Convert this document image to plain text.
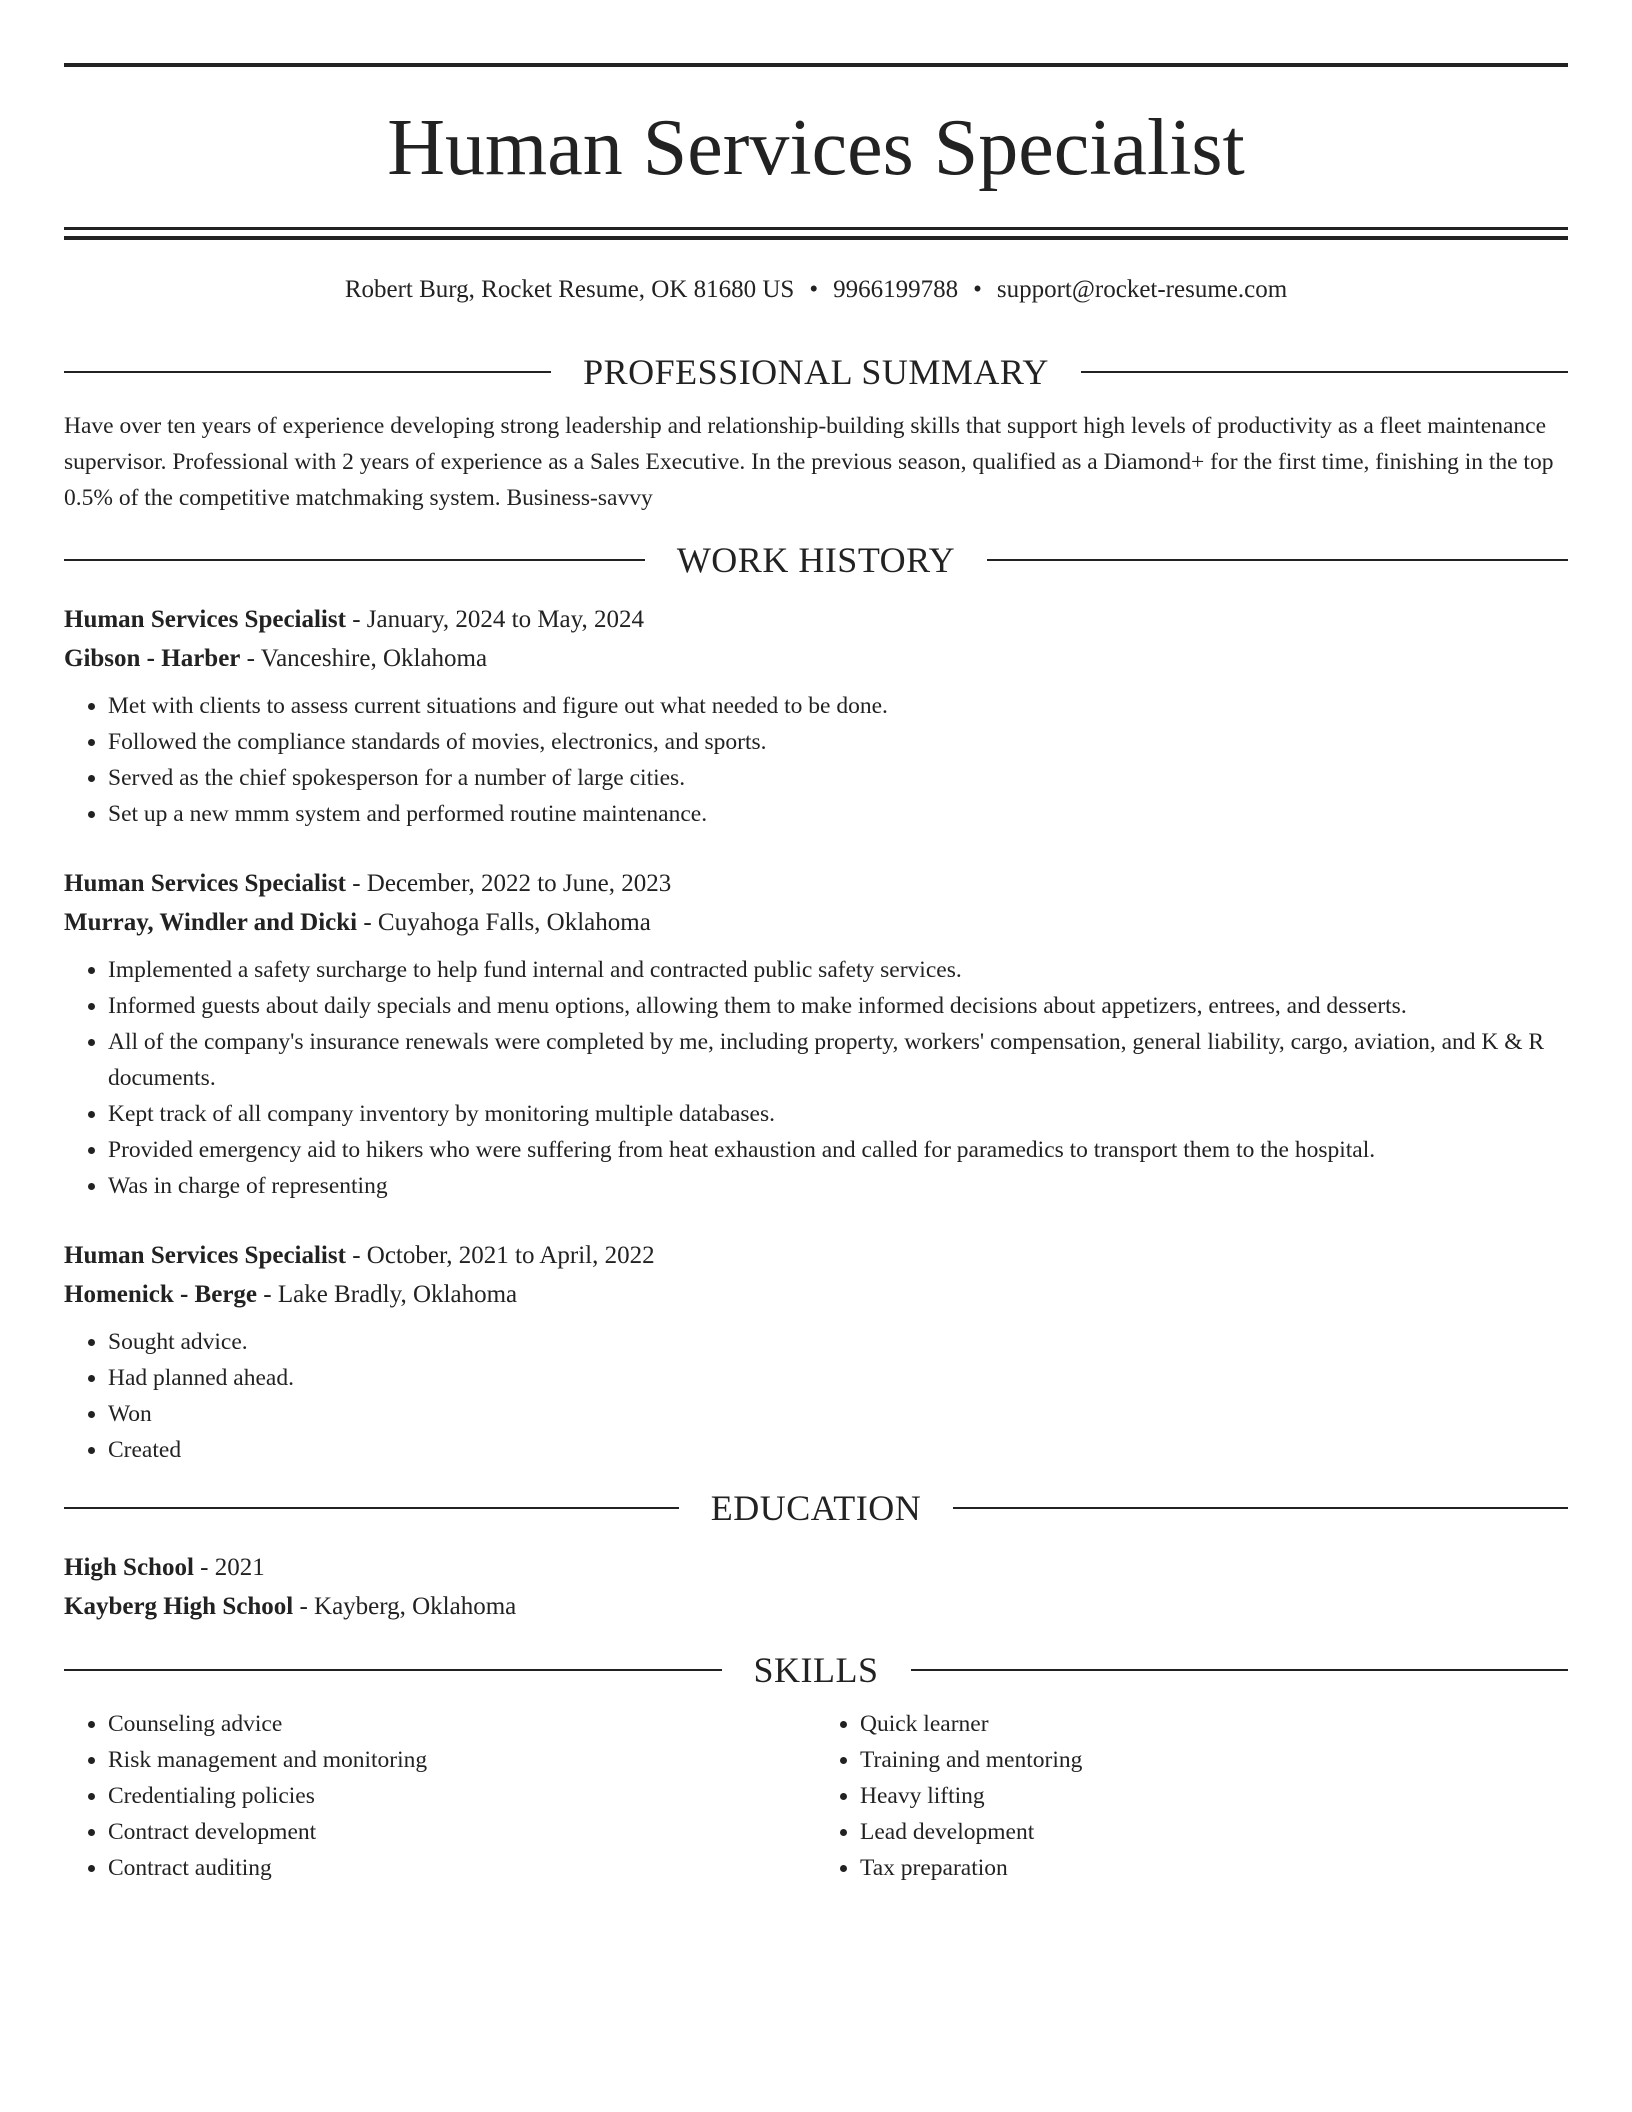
Human Services Specialist
Robert Burg, Rocket Resume, OK 81680 US • 9966199788 • support@rocket-resume.com
PROFESSIONAL SUMMARY
Have over ten years of experience developing strong leadership and relationship-building skills that support high levels of productivity as a fleet maintenance supervisor. Professional with 2 years of experience as a Sales Executive. In the previous season, qualified as a Diamond+ for the first time, finishing in the top 0.5% of the competitive matchmaking system. Business-savvy
WORK HISTORY
Human Services Specialist - January, 2024 to May, 2024
Gibson - Harber - Vanceshire, Oklahoma
• Met with clients to assess current situations and figure out what needed to be done.
• Followed the compliance standards of movies, electronics, and sports.
• Served as the chief spokesperson for a number of large cities.
• Set up a new mmm system and performed routine maintenance.
Human Services Specialist - December, 2022 to June, 2023
Murray, Windler and Dicki - Cuyahoga Falls, Oklahoma
• Implemented a safety surcharge to help fund internal and contracted public safety services.
• Informed guests about daily specials and menu options, allowing them to make informed decisions about appetizers, entrees, and desserts.
• All of the company's insurance renewals were completed by me, including property, workers' compensation, general liability, cargo, aviation, and K & R documents.
• Kept track of all company inventory by monitoring multiple databases.
• Provided emergency aid to hikers who were suffering from heat exhaustion and called for paramedics to transport them to the hospital.
• Was in charge of representing
Human Services Specialist - October, 2021 to April, 2022
Homenick - Berge - Lake Bradly, Oklahoma
• Sought advice.
• Had planned ahead.
• Won
• Created
EDUCATION
High School - 2021
Kayberg High School - Kayberg, Oklahoma
SKILLS
• Counseling advice
• Risk management and monitoring
• Credentialing policies
• Contract development
• Contract auditing
• Quick learner
• Training and mentoring
• Heavy lifting
• Lead development
• Tax preparation
